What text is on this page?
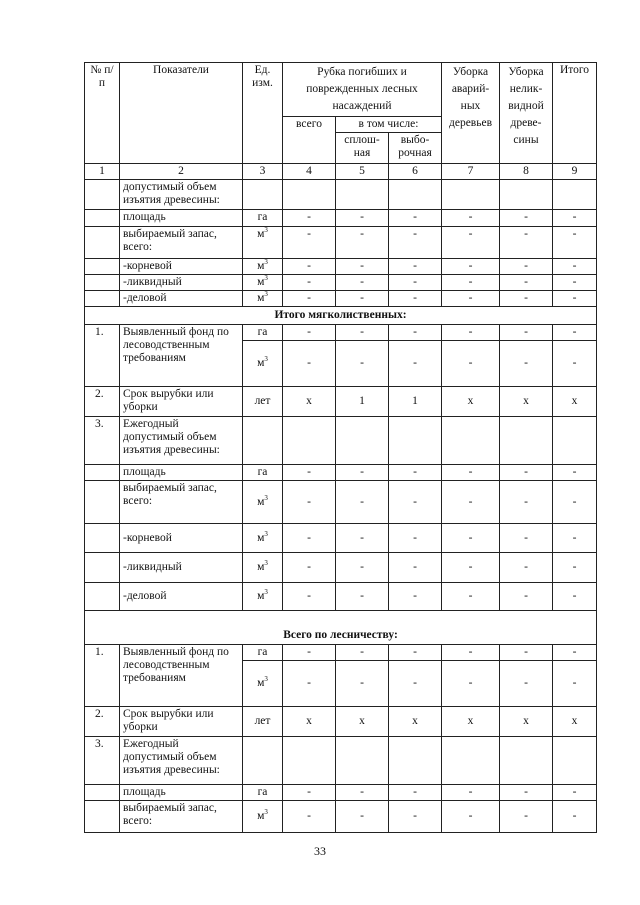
№ п/п	Показатели	Ед. изм.	Рубка погибших и поврежденных лесных насаждений			Уборка аварий-ных деревьев	Уборка нелик-видной древе-сины	Итого
			всего	в том числе:				
				сплош-ная	выбо-рочная			
1	2	3	4	5	6	7	8	9
	допустимый объем изъятия древесины:							
	площадь	га	-	-	-	-	-	-
	выбираемый запас, всего:	$м^3$	-	-	-	-	-	-
	-корневой	$м^3$	-	-	-	-	-	-
	-ликвидный	$м^3$	-	-	-	-	-	-
	-деловой	$м^3$	-	-	-	-	-	-
Итого мягколиственных:								
1.	Выявленный фонд по лесоводственным требованиям	га	-	-	-	-	-	-
		$м^3$	-	-	-	-	-	-
2.	Срок вырубки или уборки	лет	х	1	1	х	х	х
3.	Ежегодный допустимый объем изъятия древесины:							
	площадь	га	-	-	-	-	-	-
	выбираемый запас, всего:	$м^3$	-	-	-	-	-	-
	-корневой	$м^3$	-	-	-	-	-	-
	-ликвидный	$м^3$	-	-	-	-	-	-
	-деловой	$м^3$	-	-	-	-	-	-
Всего по лесничеству:								
1.	Выявленный фонд по лесоводственным требованиям	га	-	-	-	-	-	-
		$м^3$	-	-	-	-	-	-
2.	Срок вырубки или уборки	лет	х	х	х	х	х	х
3.	Ежегодный допустимый объем изъятия древесины:							
	площадь	га	-	-	-	-	-	-
	выбираемый запас, всего:	$м^3$	-	-	-	-	-	-
33
